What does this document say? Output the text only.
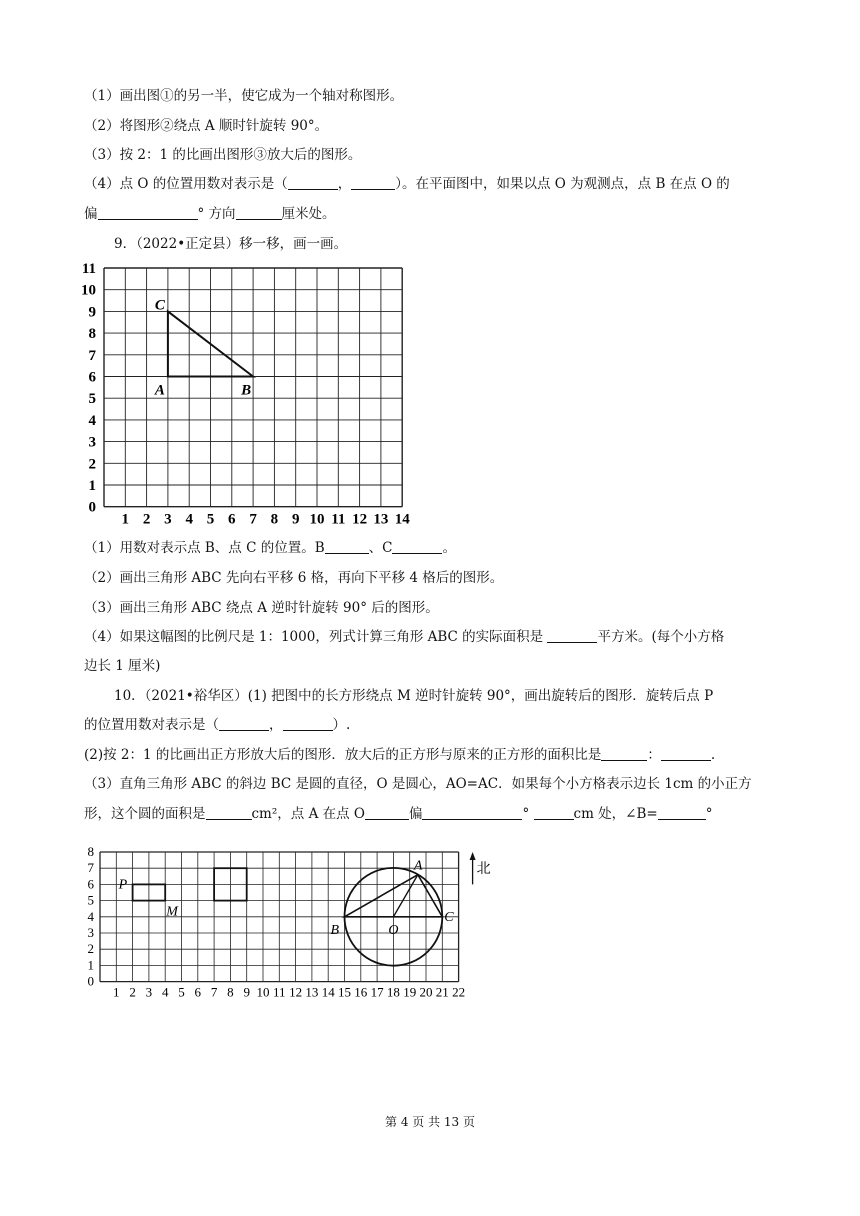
（1）画出图①的另一半，使它成为一个轴对称图形。
（2）将图形②绕点 A 顺时针旋转 90°。
（3）按 2：1 的比画出图形③放大后的图形。
（4）点 O 的位置用数对表示是（	，	）。在平面图中，如果以点 O 为观测点，点 B 在点 O 的
偏	° 方向	厘米处。
9．（2022•正定县）移一移，画一画。
1 2 3 4 5 6 7 8 9 10 11 12 13 14
0
1
2
3
4
5
6
7
8
9
10
11
A	B
C
（1）用数对表示点 B、点 C 的位置。B	、C	。
（2）画出三角形 ABC 先向右平移 6 格，再向下平移 4 格后的图形。
（3）画出三角形 ABC 绕点 A 逆时针旋转 90° 后的图形。
（4）如果这幅图的比例尺是 1：1000，列式计算三角形 ABC 的实际面积是	平方米。(每个小方格
边长 1 厘米)
10．（2021•裕华区）(1) 把图中的长方形绕点 M 逆时针旋转 90°，画出旋转后的图形．旋转后点 P
的位置用数对表示是（	，	）.
(2)按 2：1 的比画出正方形放大后的图形．放大后的正方形与原来的正方形的面积比是	：	.
（3）直角三角形 ABC 的斜边 BC 是圆的直径，O 是圆心，AO=AC．如果每个小方格表示边长 1cm 的小正方
形，这个圆的面积是	cm²，点 A 在点 O	偏	°	cm 处，∠B=	°
1 2 3 4 5 6 7 8 9 10 11 12 13 14 15 16 17 18 19 20 21 22
0
1
2
3
4
5
6
7
8
P
M
A
B	O
C
北
第 4 页 共 13 页
